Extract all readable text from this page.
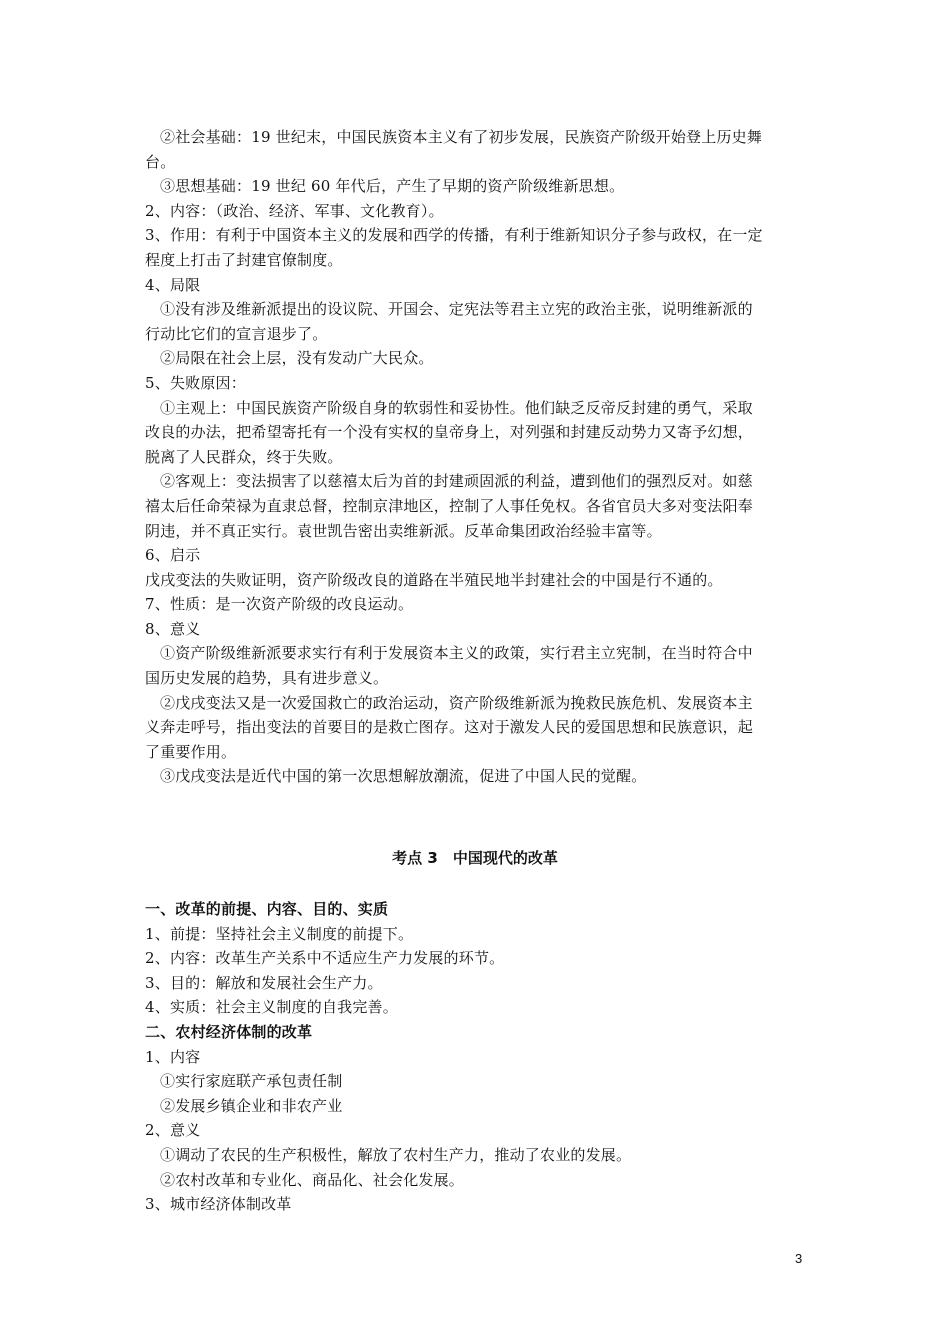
②社会基础：19 世纪末，中国民族资本主义有了初步发展，民族资产阶级开始登上历史舞
台。
③思想基础：19 世纪 60 年代后，产生了早期的资产阶级维新思想。
2、内容：（政治、经济、军事、文化教育）。
3、作用：有利于中国资本主义的发展和西学的传播，有利于维新知识分子参与政权，在一定
程度上打击了封建官僚制度。
4、局限
①没有涉及维新派提出的设议院、开国会、定宪法等君主立宪的政治主张，说明维新派的
行动比它们的宣言退步了。
②局限在社会上层，没有发动广大民众。
5、失败原因：
①主观上：中国民族资产阶级自身的软弱性和妥协性。他们缺乏反帝反封建的勇气，采取
改良的办法，把希望寄托有一个没有实权的皇帝身上，对列强和封建反动势力又寄予幻想，
脱离了人民群众，终于失败。
②客观上：变法损害了以慈禧太后为首的封建顽固派的利益，遭到他们的强烈反对。如慈
禧太后任命荣禄为直隶总督，控制京津地区，控制了人事任免权。各省官员大多对变法阳奉
阴违，并不真正实行。袁世凯告密出卖维新派。反革命集团政治经验丰富等。
6、启示
戊戌变法的失败证明，资产阶级改良的道路在半殖民地半封建社会的中国是行不通的。
7、性质：是一次资产阶级的改良运动。
8、意义
①资产阶级维新派要求实行有利于发展资本主义的政策，实行君主立宪制，在当时符合中
国历史发展的趋势，具有进步意义。
②戊戌变法又是一次爱国救亡的政治运动，资产阶级维新派为挽救民族危机、发展资本主
义奔走呼号，指出变法的首要目的是救亡图存。这对于激发人民的爱国思想和民族意识，起
了重要作用。
③戊戌变法是近代中国的第一次思想解放潮流，促进了中国人民的觉醒。
考点 3　中国现代的改革
一、改革的前提、内容、目的、实质
1、前提：坚持社会主义制度的前提下。
2、内容：改革生产关系中不适应生产力发展的环节。
3、目的：解放和发展社会生产力。
4、实质：社会主义制度的自我完善。
二、农村经济体制的改革
1、内容
①实行家庭联产承包责任制
②发展乡镇企业和非农产业
2、意义
①调动了农民的生产积极性，解放了农村生产力，推动了农业的发展。
②农村改革和专业化、商品化、社会化发展。
3、城市经济体制改革
3
